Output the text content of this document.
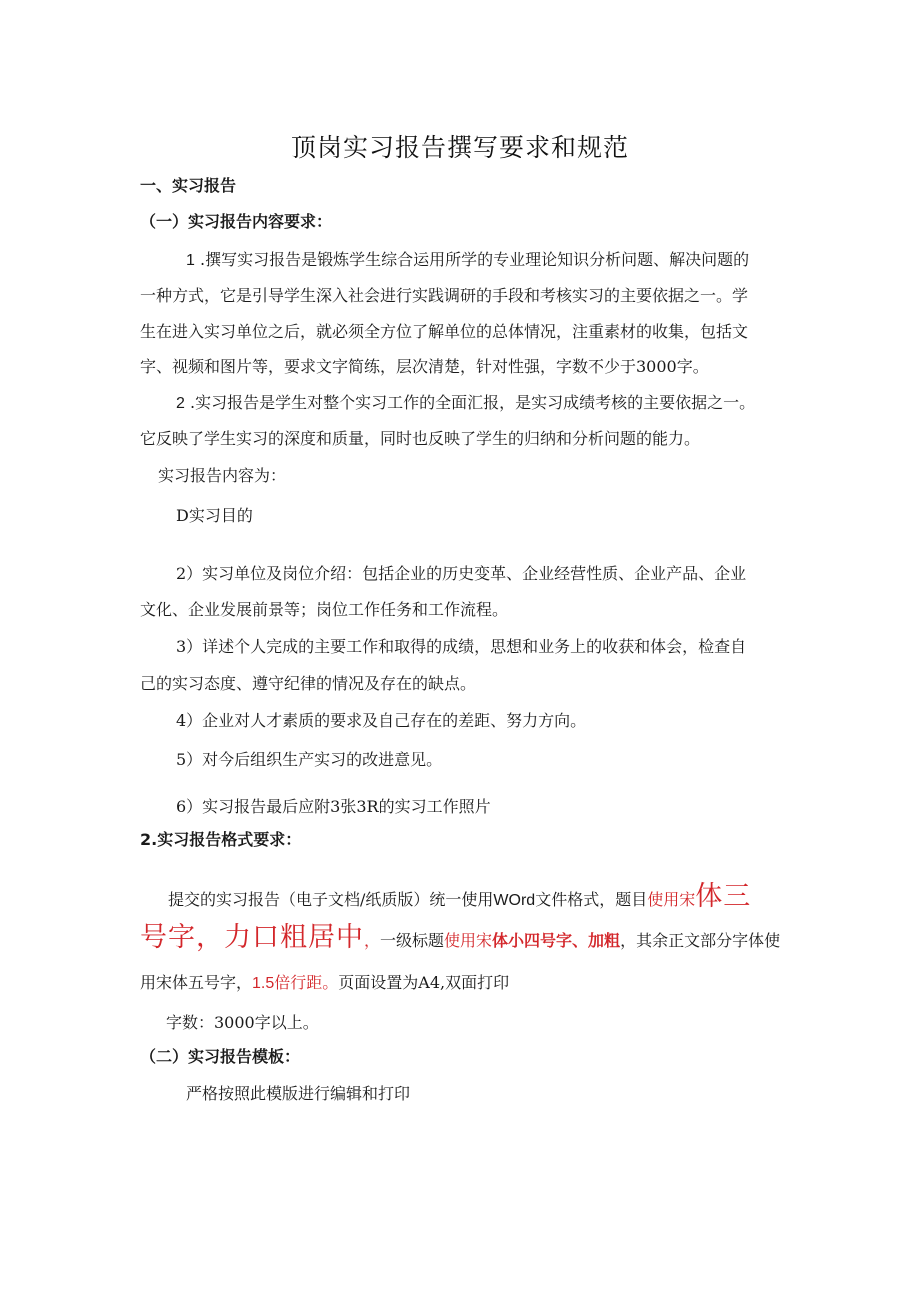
顶岗实习报告撰写要求和规范
一、实习报告
（一）实习报告内容要求：
1 .撰写实习报告是锻炼学生综合运用所学的专业理论知识分析问题、解决问题的
一种方式，它是引导学生深入社会进行实践调研的手段和考核实习的主要依据之一。学
生在进入实习单位之后，就必须全方位了解单位的总体情况，注重素材的收集，包括文
字、视频和图片等，要求文字简练，层次清楚，针对性强，字数不少于3000字。
2 .实习报告是学生对整个实习工作的全面汇报，是实习成绩考核的主要依据之一。
它反映了学生实习的深度和质量，同时也反映了学生的归纳和分析问题的能力。
实习报告内容为：
D实习目的
2）实习单位及岗位介绍：包括企业的历史变革、企业经营性质、企业产品、企业
文化、企业发展前景等；岗位工作任务和工作流程。
3）详述个人完成的主要工作和取得的成绩，思想和业务上的收获和体会，检查自
己的实习态度、遵守纪律的情况及存在的缺点。
4）企业对人才素质的要求及自己存在的差距、努力方向。
5）对今后组织生产实习的改进意见。
6）实习报告最后应附3张3R的实习工作照片
2.实习报告格式要求：
提交的实习报告（电子文档/纸质版）统一使用WOrd文件格式，题目使用宋体三
号字，力口粗居中，一级标题使用宋体小四号字、加粗，其余正文部分字体使
用宋体五号字，1.5倍行距。页面设置为A4,双面打印
字数：3000字以上。
（二）实习报告模板：
严格按照此模版进行编辑和打印
